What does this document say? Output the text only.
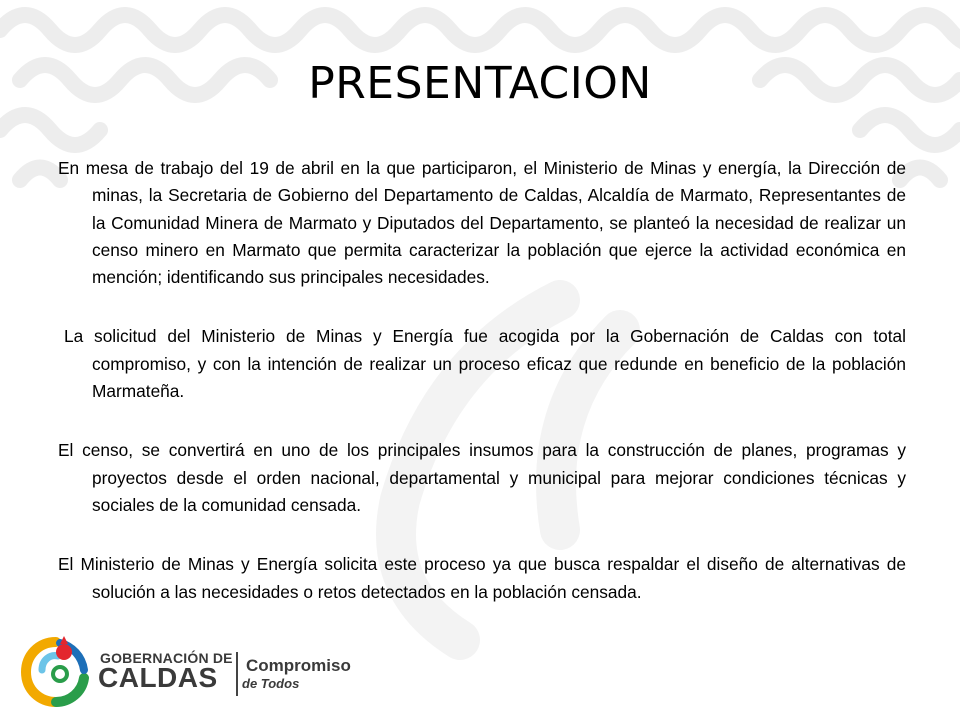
PRESENTACION

En mesa de trabajo del 19 de abril en la que participaron, el Ministerio de Minas y energía, la Dirección de minas, la Secretaria de Gobierno del Departamento de Caldas, Alcaldía de Marmato, Representantes de la Comunidad Minera de Marmato y Diputados del Departamento, se planteó la necesidad de realizar un censo minero en Marmato que permita caracterizar la población que ejerce la actividad económica en mención; identificando sus principales necesidades.

La solicitud del Ministerio de Minas y Energía fue acogida por la Gobernación de Caldas con total compromiso, y con la intención de realizar un proceso eficaz que redunde en beneficio de la población Marmateña.

El censo, se convertirá en uno de los principales insumos para la construcción de planes, programas y proyectos desde el orden nacional, departamental y municipal para mejorar condiciones técnicas y sociales de la comunidad censada.

El Ministerio de Minas y Energía solicita este proceso ya que busca respaldar el diseño de alternativas de solución a las necesidades o retos detectados en la población censada.

GOBERNACIÓN DE
CALDAS Compromiso
de Todos
